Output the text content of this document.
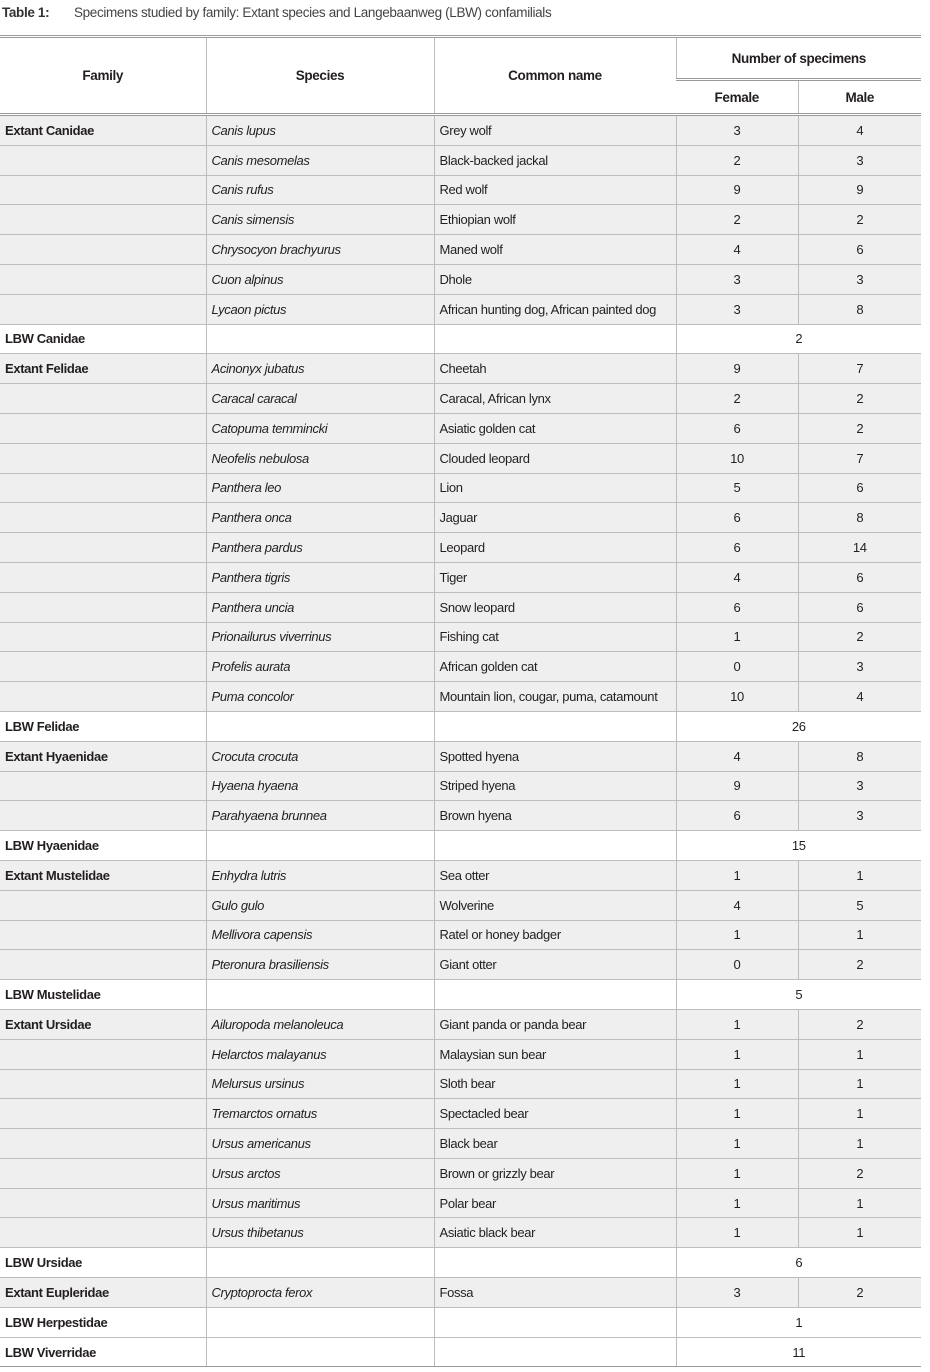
Table 1: Specimens studied by family: Extant species and Langebaanweg (LBW) confamilials
Family	Species	Common name	Number of specimens	
			Female	Male
Extant Canidae	Canis lupus	Grey wolf	3	4
	Canis mesomelas	Black-backed jackal	2	3
	Canis rufus	Red wolf	9	9
	Canis simensis	Ethiopian wolf	2	2
	Chrysocyon brachyurus	Maned wolf	4	6
	Cuon alpinus	Dhole	3	3
	Lycaon pictus	African hunting dog, African painted dog	3	8
LBW Canidae			2	
Extant Felidae	Acinonyx jubatus	Cheetah	9	7
	Caracal caracal	Caracal, African lynx	2	2
	Catopuma temmincki	Asiatic golden cat	6	2
	Neofelis nebulosa	Clouded leopard	10	7
	Panthera leo	Lion	5	6
	Panthera onca	Jaguar	6	8
	Panthera pardus	Leopard	6	14
	Panthera tigris	Tiger	4	6
	Panthera uncia	Snow leopard	6	6
	Prionailurus viverrinus	Fishing cat	1	2
	Profelis aurata	African golden cat	0	3
	Puma concolor	Mountain lion, cougar, puma, catamount	10	4
LBW Felidae			26	
Extant Hyaenidae	Crocuta crocuta	Spotted hyena	4	8
	Hyaena hyaena	Striped hyena	9	3
	Parahyaena brunnea	Brown hyena	6	3
LBW Hyaenidae			15	
Extant Mustelidae	Enhydra lutris	Sea otter	1	1
	Gulo gulo	Wolverine	4	5
	Mellivora capensis	Ratel or honey badger	1	1
	Pteronura brasiliensis	Giant otter	0	2
LBW Mustelidae			5	
Extant Ursidae	Ailuropoda melanoleuca	Giant panda or panda bear	1	2
	Helarctos malayanus	Malaysian sun bear	1	1
	Melursus ursinus	Sloth bear	1	1
	Tremarctos ornatus	Spectacled bear	1	1
	Ursus americanus	Black bear	1	1
	Ursus arctos	Brown or grizzly bear	1	2
	Ursus maritimus	Polar bear	1	1
	Ursus thibetanus	Asiatic black bear	1	1
LBW Ursidae			6	
Extant Eupleridae	Cryptoprocta ferox	Fossa	3	2
LBW Herpestidae			1	
LBW Viverridae			11	
